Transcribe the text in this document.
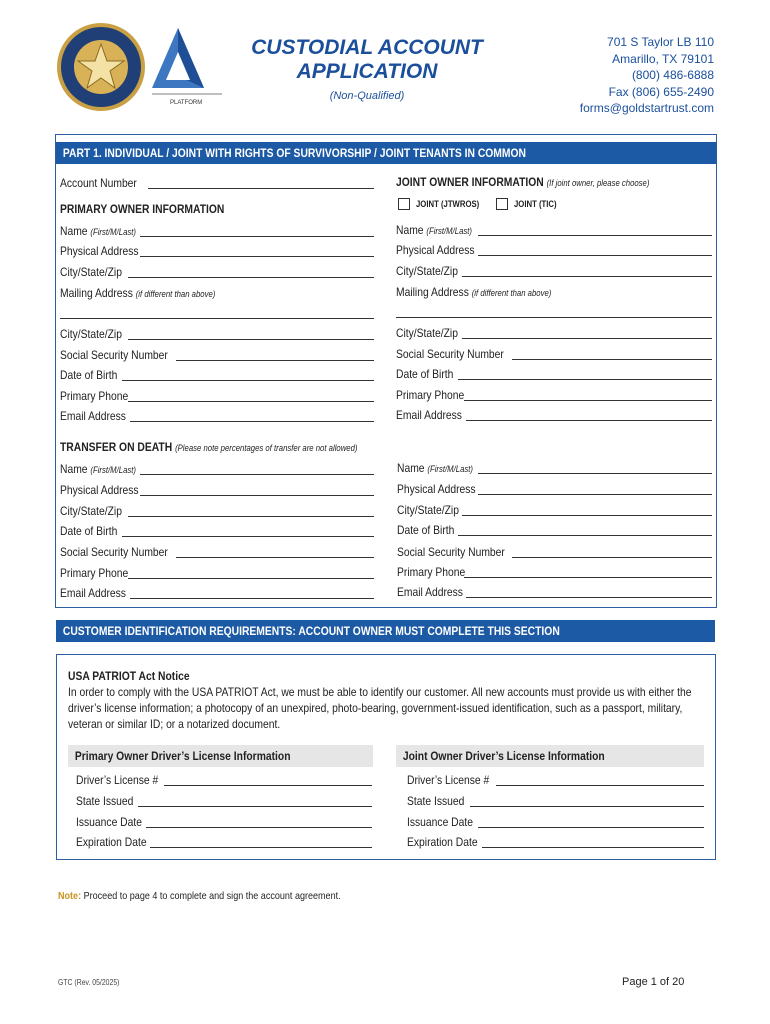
PLATFORM
CUSTODIAL ACCOUNT
APPLICATION
(Non-Qualified)
701 S Taylor LB 110
Amarillo, TX 79101
(800) 486-6888
Fax (806) 655-2490
forms@goldstartrust.com
PART 1. INDIVIDUAL / JOINT WITH RIGHTS OF SURVIVORSHIP / JOINT TENANTS IN COMMON
Account Number
PRIMARY OWNER INFORMATION
Name (First/M/Last)
Physical Address
City/State/Zip
Mailing Address (if different than above)
City/State/Zip
Social Security Number
Date of Birth
Primary Phone
Email Address
JOINT OWNER INFORMATION (If joint owner, please choose)
JOINT (JTWROS)	JOINT (TIC)
Name (First/M/Last)
Physical Address
City/State/Zip
Mailing Address (if different than above)
City/State/Zip
Social Security Number
Date of Birth
Primary Phone
Email Address
TRANSFER ON DEATH (Please note percentages of transfer are not allowed)
Name (First/M/Last)
Physical Address
City/State/Zip
Date of Birth
Social Security Number
Primary Phone
Email Address
Name (First/M/Last)
Physical Address
City/State/Zip
Date of Birth
Social Security Number
Primary Phone
Email Address
CUSTOMER IDENTIFICATION REQUIREMENTS: ACCOUNT OWNER MUST COMPLETE THIS SECTION
USA PATRIOT Act Notice
In order to comply with the USA PATRIOT Act, we must be able to identify our customer. All new accounts must provide us with either the
driver’s license information; a photocopy of an unexpired, photo-bearing, government-issued identification, such as a passport, military,
veteran or similar ID; or a notarized document.
Primary Owner Driver’s License Information	Joint Owner Driver’s License Information
Driver’s License #
State Issued
Issuance Date
Expiration Date
Driver’s License #
State Issued
Issuance Date
Expiration Date
Note: Proceed to page 4 to complete and sign the account agreement.
GTC (Rev. 05/2025)	Page 1 of 20
